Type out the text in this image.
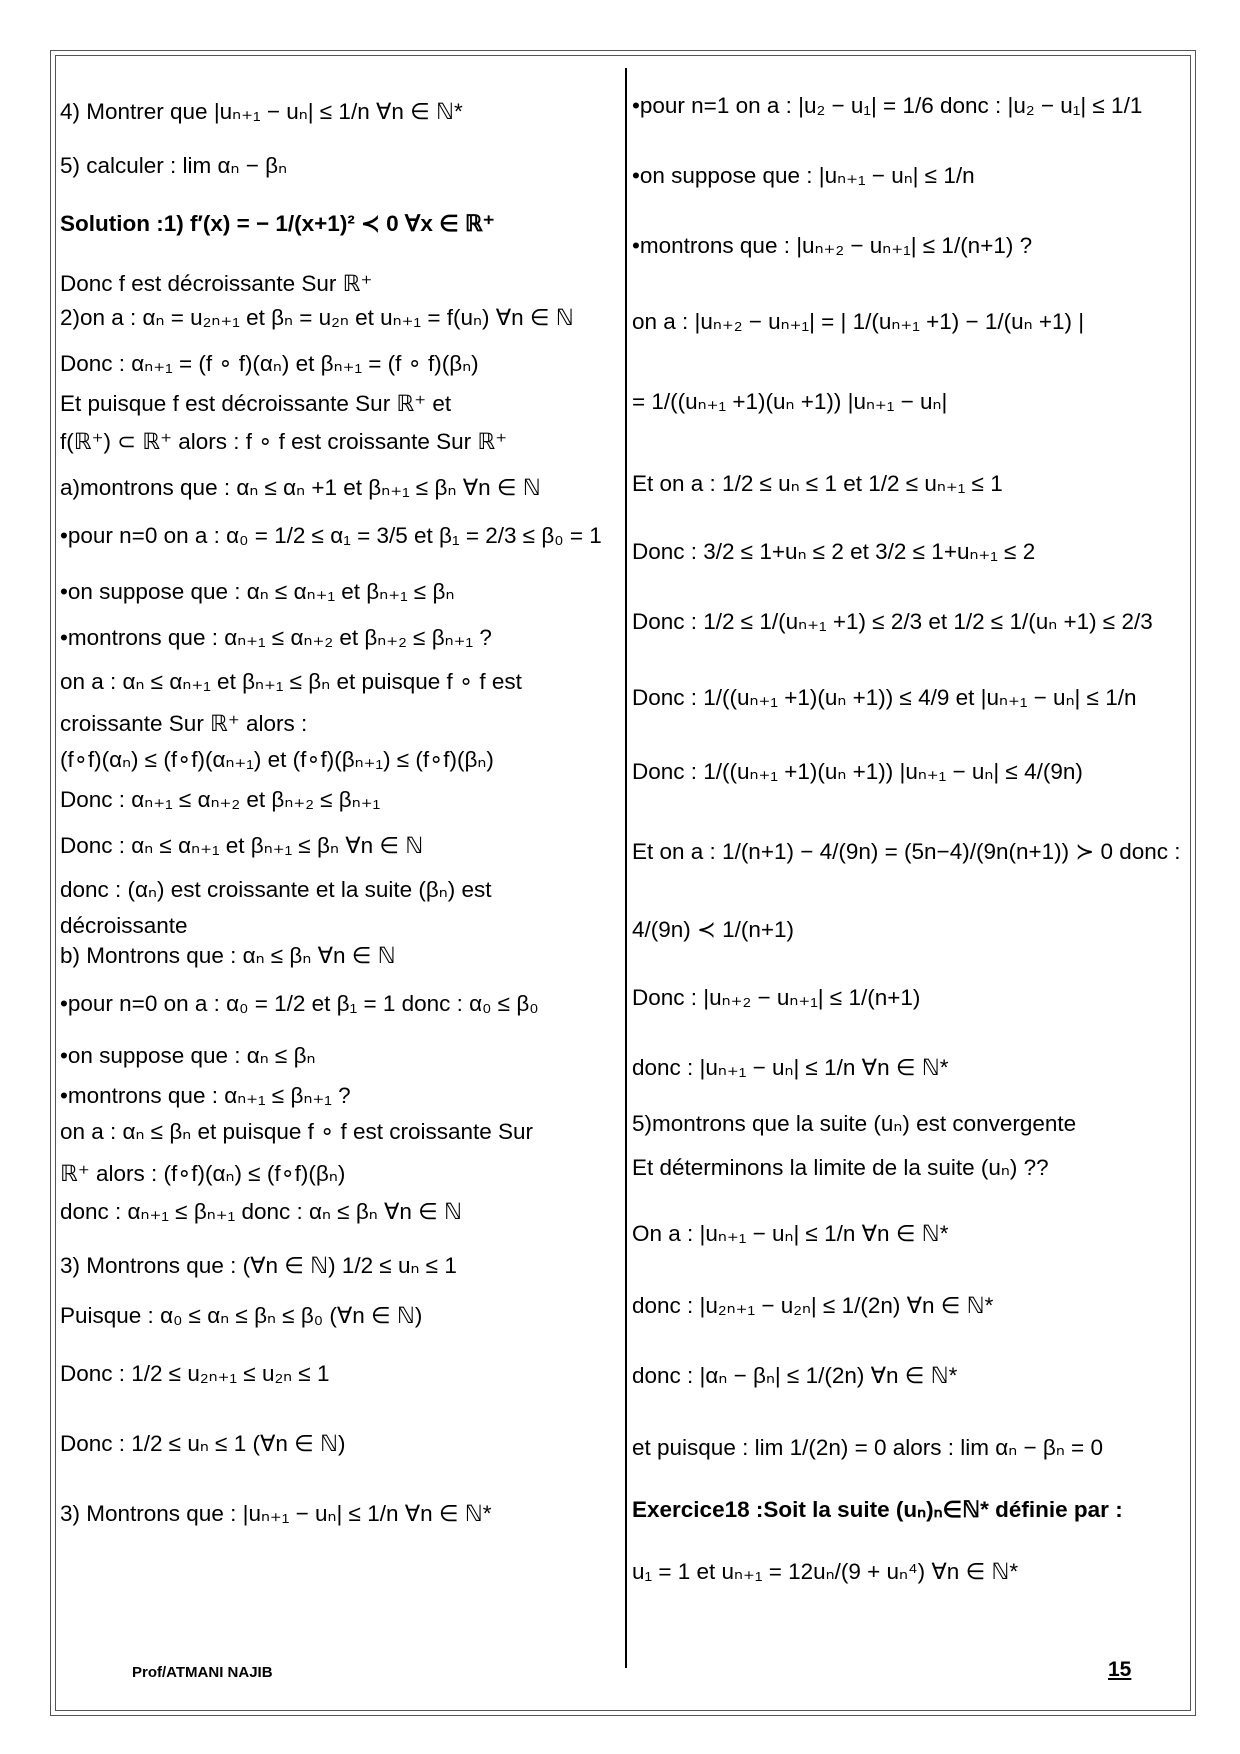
4) Montrer que |uₙ₊₁ − uₙ| ≤ 1/n ∀n ∈ ℕ*
5) calculer : lim αₙ − βₙ
Solution :1) f′(x) = − 1/(x+1)² ≺ 0 ∀x ∈ ℝ⁺
Donc f est décroissante Sur ℝ⁺
2)on a : αₙ = u₂ₙ₊₁ et βₙ = u₂ₙ et uₙ₊₁ = f(uₙ) ∀n ∈ ℕ
Donc : αₙ₊₁ = (f ∘ f)(αₙ) et βₙ₊₁ = (f ∘ f)(βₙ)
Et puisque f est décroissante Sur ℝ⁺ et
f(ℝ⁺) ⊂ ℝ⁺ alors : f ∘ f est croissante Sur ℝ⁺
a)montrons que : αₙ ≤ αₙ +1 et βₙ₊₁ ≤ βₙ ∀n ∈ ℕ
•pour n=0 on a : α₀ = 1/2 ≤ α₁ = 3/5 et β₁ = 2/3 ≤ β₀ = 1
•on suppose que : αₙ ≤ αₙ₊₁ et βₙ₊₁ ≤ βₙ
•montrons que : αₙ₊₁ ≤ αₙ₊₂ et βₙ₊₂ ≤ βₙ₊₁ ?
on a : αₙ ≤ αₙ₊₁ et βₙ₊₁ ≤ βₙ et puisque f ∘ f est
croissante Sur ℝ⁺ alors :
(f∘f)(αₙ) ≤ (f∘f)(αₙ₊₁) et (f∘f)(βₙ₊₁) ≤ (f∘f)(βₙ)
Donc : αₙ₊₁ ≤ αₙ₊₂ et βₙ₊₂ ≤ βₙ₊₁
Donc : αₙ ≤ αₙ₊₁ et βₙ₊₁ ≤ βₙ ∀n ∈ ℕ
donc : (αₙ) est croissante et la suite (βₙ) est
décroissante
b) Montrons que : αₙ ≤ βₙ ∀n ∈ ℕ
•pour n=0 on a : α₀ = 1/2 et β₁ = 1 donc : α₀ ≤ β₀
•on suppose que : αₙ ≤ βₙ
•montrons que : αₙ₊₁ ≤ βₙ₊₁ ?
on a : αₙ ≤ βₙ et puisque f ∘ f est croissante Sur
ℝ⁺ alors : (f∘f)(αₙ) ≤ (f∘f)(βₙ)
donc : αₙ₊₁ ≤ βₙ₊₁ donc : αₙ ≤ βₙ ∀n ∈ ℕ
3) Montrons que : (∀n ∈ ℕ) 1/2 ≤ uₙ ≤ 1
Puisque : α₀ ≤ αₙ ≤ βₙ ≤ β₀ (∀n ∈ ℕ)
Donc : 1/2 ≤ u₂ₙ₊₁ ≤ u₂ₙ ≤ 1
Donc : 1/2 ≤ uₙ ≤ 1 (∀n ∈ ℕ)
3) Montrons que : |uₙ₊₁ − uₙ| ≤ 1/n ∀n ∈ ℕ*
•pour n=1 on a : |u₂ − u₁| = 1/6 donc : |u₂ − u₁| ≤ 1/1
•on suppose que : |uₙ₊₁ − uₙ| ≤ 1/n
•montrons que : |uₙ₊₂ − uₙ₊₁| ≤ 1/(n+1) ?
on a : |uₙ₊₂ − uₙ₊₁| = | 1/(uₙ₊₁ +1) − 1/(uₙ +1) |
= 1/((uₙ₊₁ +1)(uₙ +1)) |uₙ₊₁ − uₙ|
Et on a : 1/2 ≤ uₙ ≤ 1 et 1/2 ≤ uₙ₊₁ ≤ 1
Donc : 3/2 ≤ 1+uₙ ≤ 2 et 3/2 ≤ 1+uₙ₊₁ ≤ 2
Donc : 1/2 ≤ 1/(uₙ₊₁ +1) ≤ 2/3 et 1/2 ≤ 1/(uₙ +1) ≤ 2/3
Donc : 1/((uₙ₊₁ +1)(uₙ +1)) ≤ 4/9 et |uₙ₊₁ − uₙ| ≤ 1/n
Donc : 1/((uₙ₊₁ +1)(uₙ +1)) |uₙ₊₁ − uₙ| ≤ 4/(9n)
Et on a : 1/(n+1) − 4/(9n) = (5n−4)/(9n(n+1)) ≻ 0 donc :
4/(9n) ≺ 1/(n+1)
Donc : |uₙ₊₂ − uₙ₊₁| ≤ 1/(n+1)
donc : |uₙ₊₁ − uₙ| ≤ 1/n ∀n ∈ ℕ*
5)montrons que la suite (uₙ) est convergente
Et déterminons la limite de la suite (uₙ) ??
On a : |uₙ₊₁ − uₙ| ≤ 1/n ∀n ∈ ℕ*
donc : |u₂ₙ₊₁ − u₂ₙ| ≤ 1/(2n) ∀n ∈ ℕ*
donc : |αₙ − βₙ| ≤ 1/(2n) ∀n ∈ ℕ*
et puisque : lim 1/(2n) = 0 alors : lim αₙ − βₙ = 0
Exercice18 :Soit la suite (uₙ)ₙ∈ℕ* définie par :
u₁ = 1 et uₙ₊₁ = 12uₙ/(9 + uₙ⁴) ∀n ∈ ℕ*
Prof/ATMANI NAJIB	15
